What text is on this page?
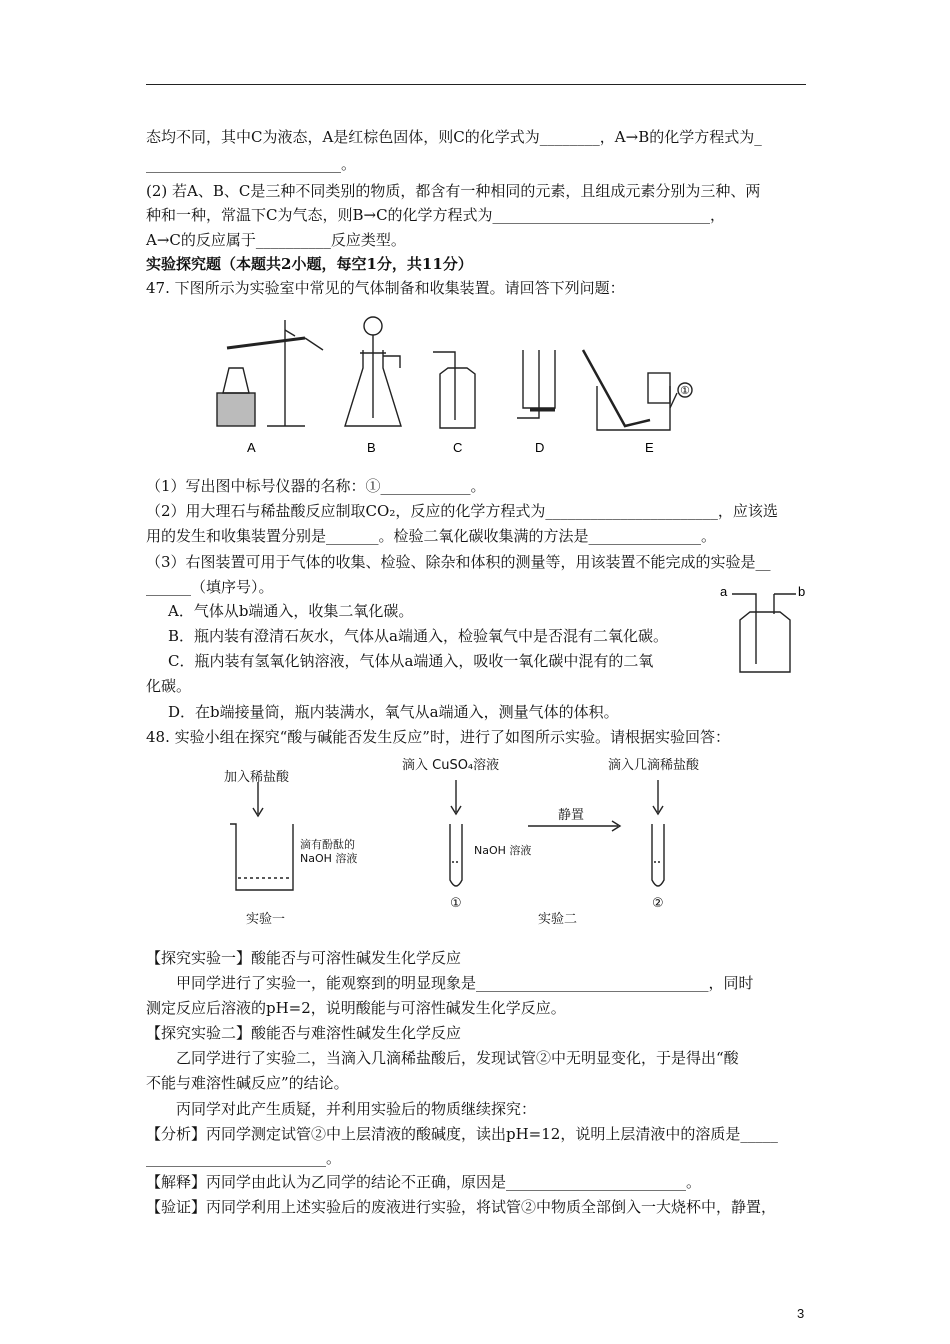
态均不同，其中C为液态，A是红棕色固体，则C的化学式为________，A→B的化学方程式为_
__________________________。
(2) 若A、B、C是三种不同类别的物质，都含有一种相同的元素，且组成元素分别为三种、两
种和一种，常温下C为气态，则B→C的化学方程式为_____________________________，
A→C的反应属于__________反应类型。
实验探究题（本题共2小题，每空1分，共11分）
47. 下图所示为实验室中常见的气体制备和收集装置。请回答下列问题：
A	B	C	D	E
①
（1）写出图中标号仪器的名称：①____________。
（2）用大理石与稀盐酸反应制取CO₂，反应的化学方程式为_______________________，应该选
用的发生和收集装置分别是_______。检验二氧化碳收集满的方法是_______________。
（3）右图装置可用于气体的收集、检验、除杂和体积的测量等，用该装置不能完成的实验是__
______（填序号）。
A．气体从b端通入，收集二氧化碳。
B．瓶内装有澄清石灰水，气体从a端通入，检验氧气中是否混有二氧化碳。
C．瓶内装有氢氧化钠溶液，气体从a端通入，吸收一氧化碳中混有的二氧
化碳。
D．在b端接量筒，瓶内装满水，氧气从a端通入，测量气体的体积。
a	b
48. 实验小组在探究“酸与碱能否发生反应”时，进行了如图所示实验。请根据实验回答：
加入稀盐酸
滴有酚酞的
NaOH 溶液
实验一
滴入 CuSO₄溶液
NaOH 溶液
①
静置
滴入几滴稀盐酸
②
实验二
【探究实验一】酸能否与可溶性碱发生化学反应
甲同学进行了实验一，能观察到的明显现象是_______________________________，同时
测定反应后溶液的pH=2，说明酸能与可溶性碱发生化学反应。
【探究实验二】酸能否与难溶性碱发生化学反应
乙同学进行了实验二，当滴入几滴稀盐酸后，发现试管②中无明显变化，于是得出“酸
不能与难溶性碱反应”的结论。
丙同学对此产生质疑，并利用实验后的物质继续探究：
【分析】丙同学测定试管②中上层清液的酸碱度，读出pH=12，说明上层清液中的溶质是_____
________________________。
【解释】丙同学由此认为乙同学的结论不正确，原因是________________________。
【验证】丙同学利用上述实验后的废液进行实验，将试管②中物质全部倒入一大烧杯中，静置，
3
